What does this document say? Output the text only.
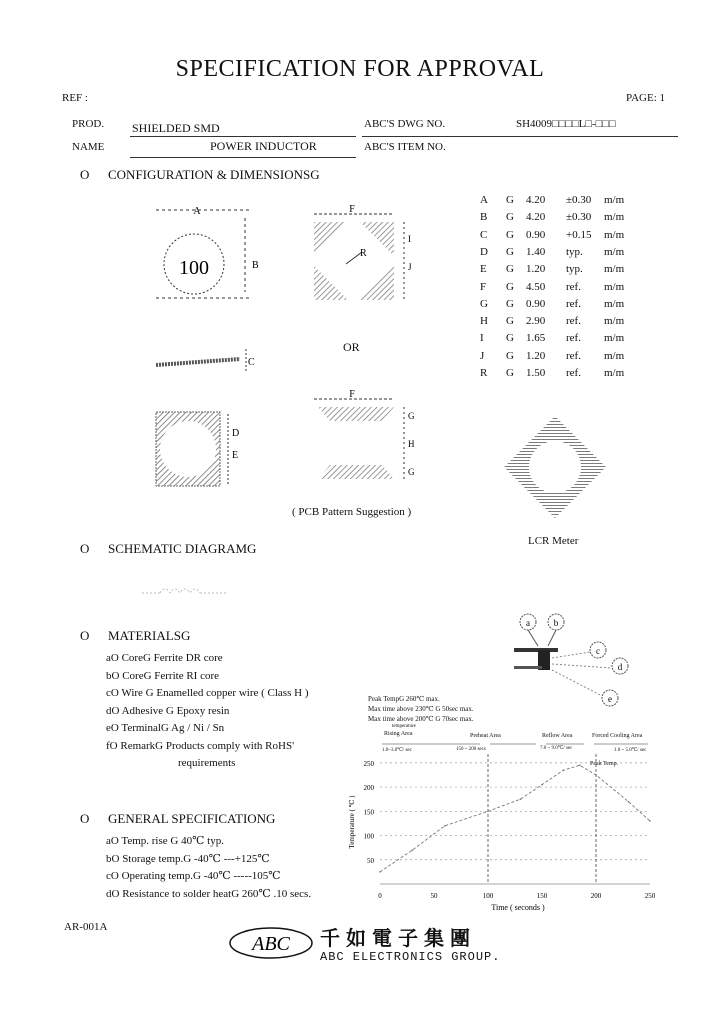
SPECIFICATION FOR APPROVAL
REF :	PAGE: 1
PROD. SHIELDED SMD	ABC'S DWG NO.	SH4009□□□□L□-□□□
NAME	POWER INDUCTOR	ABC'S ITEM NO.
O CONFIGURATION & DIMENSIONSG
A
B
100
C
D
E
F
R
I
J
OR
F
G
H
G
( PCB Pattern Suggestion )
LCR Meter
A G 4.20 ±0.30 m/m
B G 4.20 ±0.30 m/m
C G 0.90 +0.15 m/m
D G 1.40 typ. m/m
E G 1.20 typ. m/m
F G 4.50 ref. m/m
G G 0.90 ref. m/m
H G 2.90 ref. m/m
I G 1.65 ref. m/m
J G 1.20 ref. m/m
R G 1.50 ref. m/m
O SCHEMATIC DIAGRAMG
O MATERIALSG
aO CoreG Ferrite DR core
bO CoreG Ferrite RI core
cO Wire G Enamelled copper wire ( Class H )
dO Adhesive G Epoxy resin
eO TerminalG Ag / Ni / Sn
fO RemarkG Products comply with RoHS'
requirements
a	b
c
d
e
O GENERAL SPECIFICATIONG
aO Temp. rise G 40℃ typ.
bO Storage temp.G -40℃ ---+125℃
cO Operating temp.G -40℃ -----105℃
dO Resistance to solder heatG 260℃ .10 secs.
Peak TempG 260℃ max.
Max time above 230℃ G 50sec max.
Max time above 200℃ G 70sec max.
temperature
Rising Area	Preheat Area	Reflow Area	Forced Cooling Area
1.0~3.0℃/ sec	150 ~ 200 secs	7.0 ~ 9.0℃/ sec	1.0 ~ 5.0℃/ sec
50
100
150
200
250
0	50	100	150	200	250
Temperature ( ℃ )
Time ( seconds )
Peak Temp.
AR-001A
ABC 千如電子集團
ABC ELECTRONICS GROUP.
